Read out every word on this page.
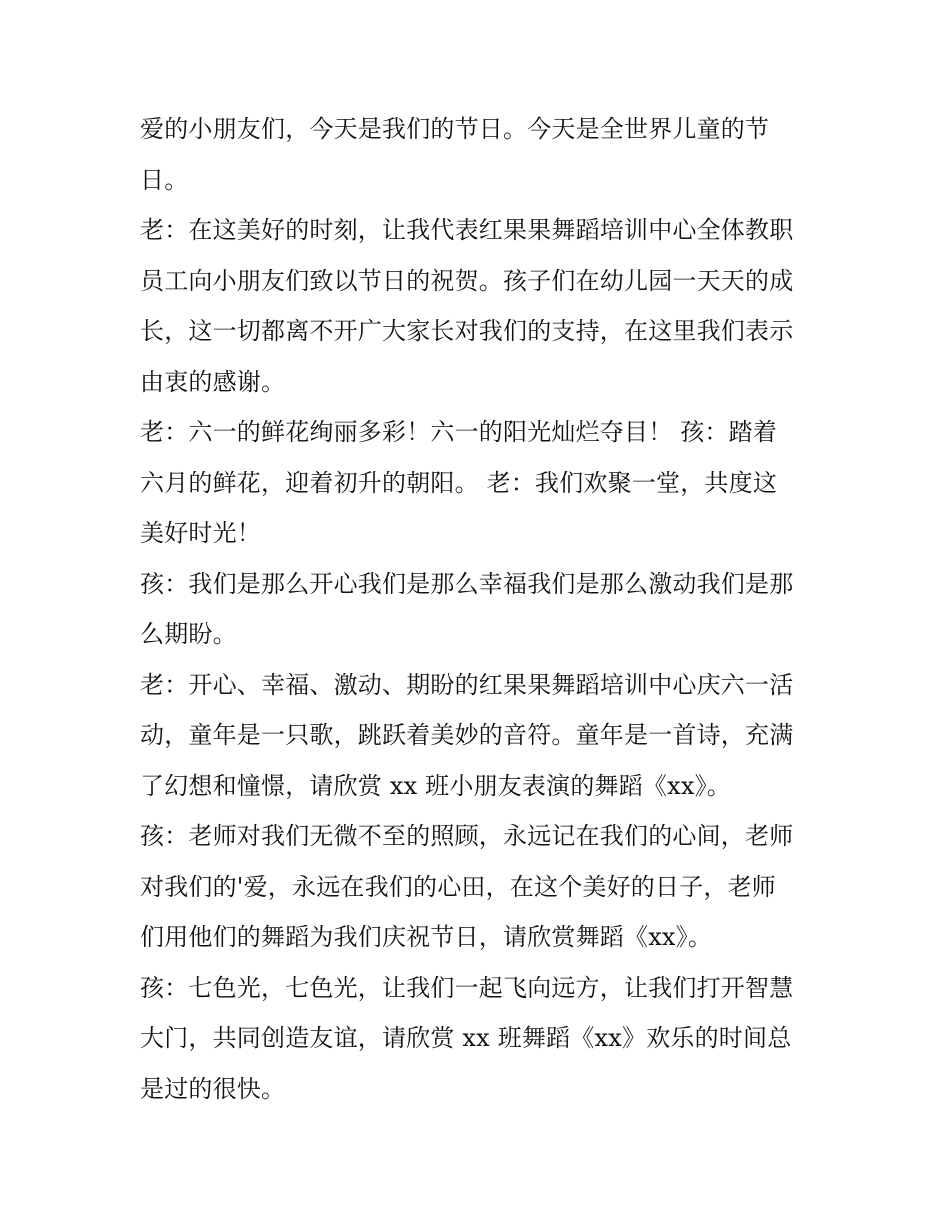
爱的小朋友们，今天是我们的节日。今天是全世界儿童的节
日。
老：在这美好的时刻，让我代表红果果舞蹈培训中心全体教职
员工向小朋友们致以节日的祝贺。孩子们在幼儿园一天天的成
长，这一切都离不开广大家长对我们的支持，在这里我们表示
由衷的感谢。
老：六一的鲜花绚丽多彩！六一的阳光灿烂夺目！ 孩：踏着
六月的鲜花，迎着初升的朝阳。 老：我们欢聚一堂，共度这
美好时光！
孩：我们是那么开心我们是那么幸福我们是那么激动我们是那
么期盼。
老：开心、幸福、激动、期盼的红果果舞蹈培训中心庆六一活
动，童年是一只歌，跳跃着美妙的音符。童年是一首诗，充满
了幻想和憧憬，请欣赏 xx 班小朋友表演的舞蹈《xx》。
孩：老师对我们无微不至的照顾，永远记在我们的心间，老师
对我们的'爱，永远在我们的心田，在这个美好的日子，老师
们用他们的舞蹈为我们庆祝节日，请欣赏舞蹈《xx》。
孩：七色光，七色光，让我们一起飞向远方，让我们打开智慧
大门，共同创造友谊，请欣赏 xx 班舞蹈《xx》欢乐的时间总
是过的很快。
